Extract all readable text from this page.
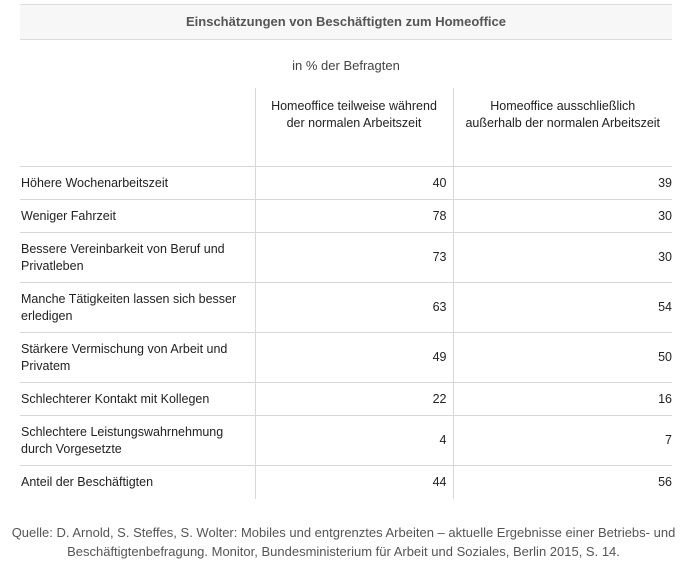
Einschätzungen von Beschäftigten zum Homeoffice
in % der Befragten
	Homeoffice teilweise während der normalen Arbeitszeit	Homeoffice ausschließlich außerhalb der normalen Arbeitszeit
Höhere Wochenarbeitszeit	40	39
Weniger Fahrzeit	78	30
Bessere Vereinbarkeit von Beruf und Privatleben	73	30
Manche Tätigkeiten lassen sich besser erledigen	63	54
Stärkere Vermischung von Arbeit und Privatem	49	50
Schlechterer Kontakt mit Kollegen	22	16
Schlechtere Leistungswahrnehmung durch Vorgesetzte	4	7
Anteil der Beschäftigten	44	56
Quelle: D. Arnold, S. Steffes, S. Wolter: Mobiles und entgrenztes Arbeiten – aktuelle Ergebnisse einer Betriebs- und Beschäftigtenbefragung. Monitor, Bundesministerium für Arbeit und Soziales, Berlin 2015, S. 14.
